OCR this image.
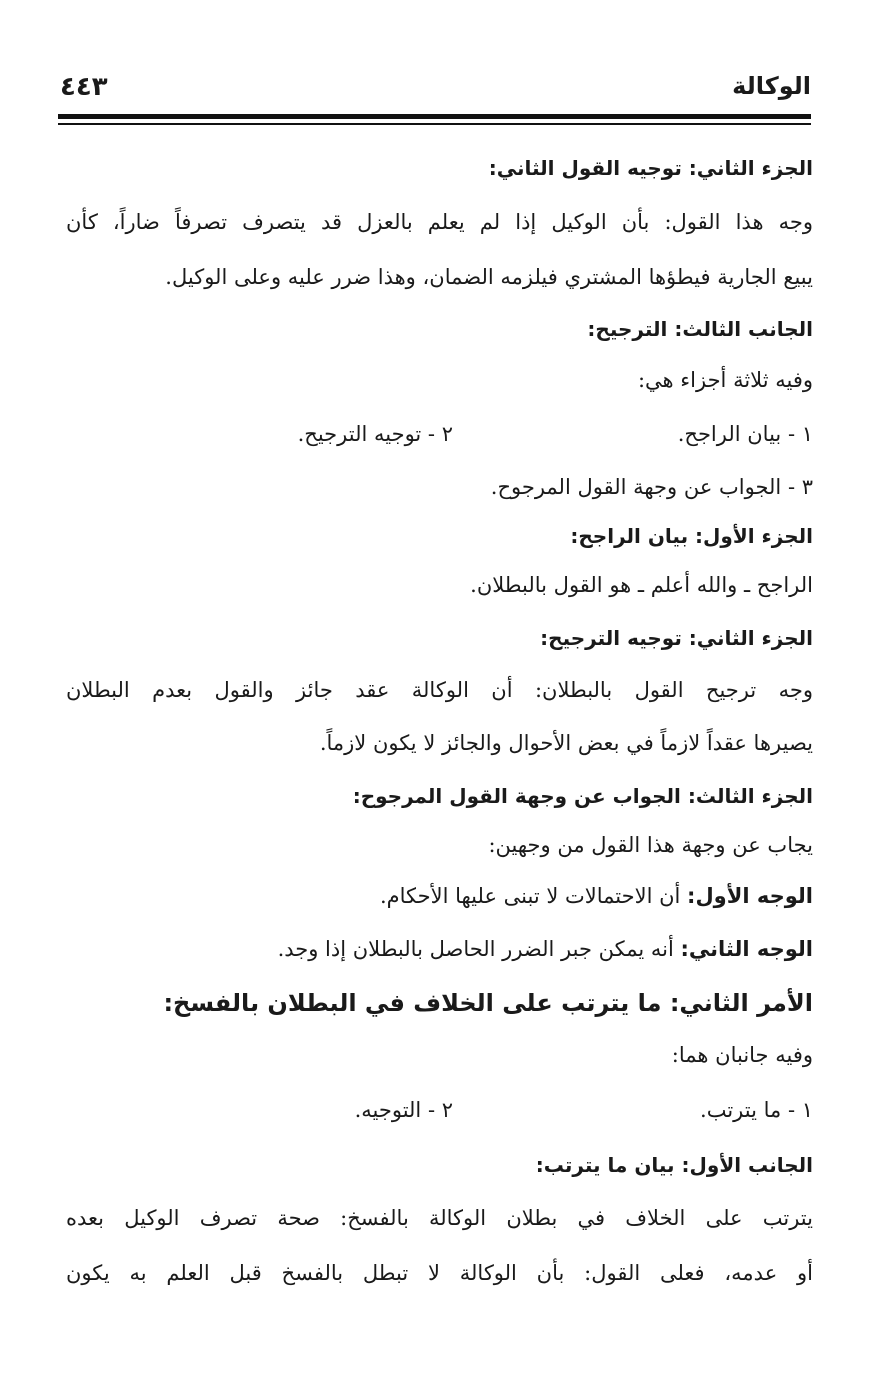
الوكالة
٤٤٣
الجزء الثاني: توجيه القول الثاني:
وجه هذا القول: بأن الوكيل إذا لم يعلم بالعزل قد يتصرف تصرفاً ضاراً، كأن
يبيع الجارية فيطؤها المشتري فيلزمه الضمان، وهذا ضرر عليه وعلى الوكيل.
الجانب الثالث: الترجيح:
وفيه ثلاثة أجزاء هي:
١ - بيان الراجح.
٢ - توجيه الترجيح.
٣ - الجواب عن وجهة القول المرجوح.
الجزء الأول: بيان الراجح:
الراجح ـ والله أعلم ـ هو القول بالبطلان.
الجزء الثاني: توجيه الترجيح:
وجه ترجيح القول بالبطلان: أن الوكالة عقد جائز والقول بعدم البطلان
يصيرها عقداً لازماً في بعض الأحوال والجائز لا يكون لازماً.
الجزء الثالث: الجواب عن وجهة القول المرجوح:
يجاب عن وجهة هذا القول من وجهين:
الوجه الأول: أن الاحتمالات لا تبنى عليها الأحكام.
الوجه الثاني: أنه يمكن جبر الضرر الحاصل بالبطلان إذا وجد.
الأمر الثاني: ما يترتب على الخلاف في البطلان بالفسخ:
وفيه جانبان هما:
١ - ما يترتب.
٢ - التوجيه.
الجانب الأول: بيان ما يترتب:
يترتب على الخلاف في بطلان الوكالة بالفسخ: صحة تصرف الوكيل بعده
أو عدمه، فعلى القول: بأن الوكالة لا تبطل بالفسخ قبل العلم به يكون
